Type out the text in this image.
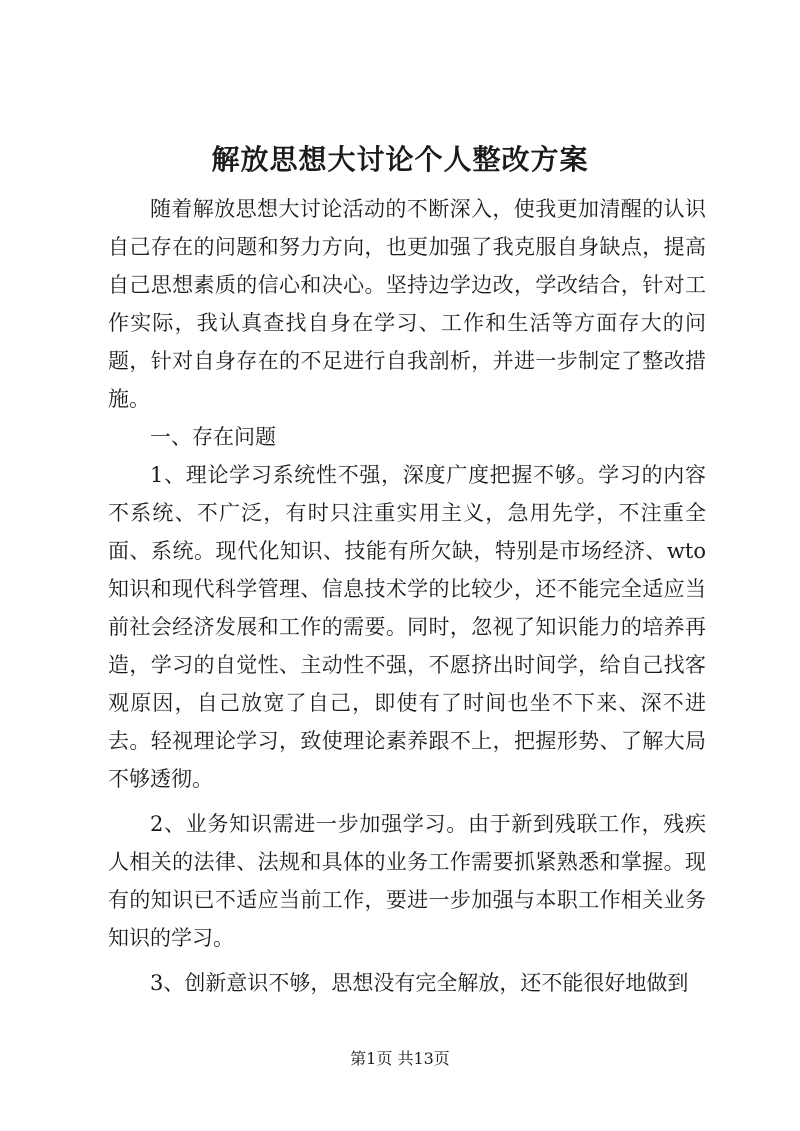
解放思想大讨论个人整改方案

随着解放思想大讨论活动的不断深入，使我更加清醒的认识自己存在的问题和努力方向，也更加强了我克服自身缺点，提高自己思想素质的信心和决心。坚持边学边改，学改结合，针对工作实际，我认真查找自身在学习、工作和生活等方面存大的问题，针对自身存在的不足进行自我剖析，并进一步制定了整改措施。

一、存在问题

1、理论学习系统性不强，深度广度把握不够。学习的内容不系统、不广泛，有时只注重实用主义，急用先学，不注重全面、系统。现代化知识、技能有所欠缺，特别是市场经济、wto知识和现代科学管理、信息技术学的比较少，还不能完全适应当前社会经济发展和工作的需要。同时，忽视了知识能力的培养再造，学习的自觉性、主动性不强，不愿挤出时间学，给自己找客观原因，自己放宽了自己，即使有了时间也坐不下来、深不进去。轻视理论学习，致使理论素养跟不上，把握形势、了解大局不够透彻。

2、业务知识需进一步加强学习。由于新到残联工作，残疾人相关的法律、法规和具体的业务工作需要抓紧熟悉和掌握。现有的知识已不适应当前工作，要进一步加强与本职工作相关业务知识的学习。

3、创新意识不够，思想没有完全解放，还不能很好地做到

第1页 共13页
